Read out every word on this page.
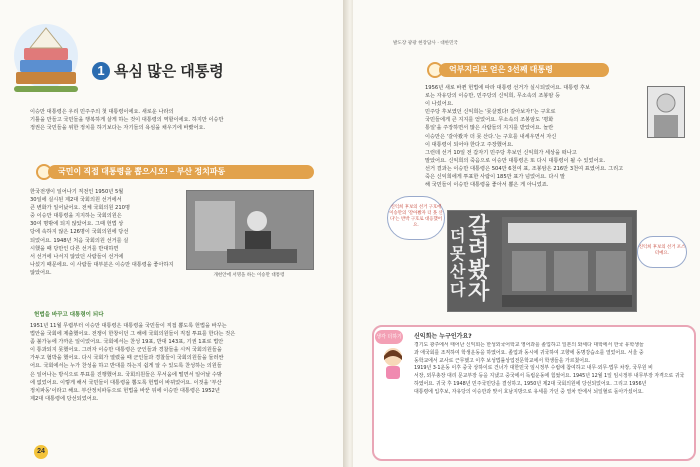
1 욕심 많은 대통령
이승만 대통령은 우리 민주주의 첫 대통령이에요. 새로운 나라의
기틀을 만들고 국민들을 행복하게 살게 하는 것이 대통령의 역할이에요. 하지만 이승만
정권은 국민들을 위한 정치를 하기보다는 자기들의 욕심을 채우기에 바빴어요.
국민이 직접 대통령을 뽑으시오! – 부산 정치파동
한국전쟁이 일어나기 직전인 1950년 5월
30일에 실시된 제2대 국회의원 선거에서
큰 변화가 일어났어요. 전체 국회의원 210명
중 이승만 대통령을 지지하는 국회의원은
30여 명밖에 되지 않았어요. 그때 헌법 상
당에 속하지 않은 126명이 국회의원에 당선
되었어요. 1948년 처음 국회의원 선거를 실
시했을 때 당만인 다른 선거를 반대하면
서 선거에 나서지 않았던 사람들이 선거에
나섰기 때문에요. 이 사람들 대부분은 이승만 대통령을 좋아하지 않았어요.	개헌안에 서명을 하는 이승만 대통령
헌법을 바꾸고 대통령이 되다
1951년 11월 무렵부터 이승만 대통령은 대통령을 국민들이 직접 뽑도록 헌법을 바꾸는
법안을 국회에 제출했어요. 전쟁이 한창이던 그 해에 국회의원들이 직접 투표를 한다는 것은
좀 불가능에 가까운 일이었어요. 국회에서는 찬성 19표, 반대 143표, 기권 1표로 법안
이 통과되지 못했어요. 그러자 이승만 대통령은 군인들과 경찰들을 시켜 국회의원들을
가두고 협박을 했어요. 다시 국회가 열렸을 때 군인들과 경찰들이 국회의원들을 둘러싼
어요. 국회에서는 누가 찬성을 하고 반대를 하는지 쉽게 알 수 있도록 찬성하는 의원들
은 일어나는 방식으로 투표를 진행했어요. 국회의원들은 무서움에 떨면서 일어날 수밖
에 없었어요. 이렇게 해서 국민들이 대통령을 뽑도록 헌법이 바뀌었어요. 이것을 '부산
정치파동'이라고 해요. 부산정치파동으로 헌법을 바꾼 뒤에 이승만 대통령은 1952년
제2대 대통령에 당선되었어요.
24
발도장 광광 현장답사 · 대한민국
억부지리로 얻은 3선째 대통령
1956년 새로 바뀐 헌법에 따라 대통령 선거가 실시되었어요. 대통령 후보
로는 자유당의 이승만, 민주당의 신익희, 무소속의 조봉암 등
이 나섰어요.
민주당 후보였던 신익희는 '못살겠다! 갈아보자!'는 구호로
국민들에게 큰 지지를 얻었어요. 무소속의 조봉암도 '평화
통일'을 주장하면서 많은 사람들의 지지를 받았어요. 놀란
이승만은 '갈아봤자 더 못 산다.'는 구호를 내세우면서 자신
이 대통령이 되어야 한다고 주장했어요.
그런데 선거 10일 전 갑자기 민주당 후보인 신익희가 세상을 떠나고
말았어요. 신익희의 죽음으로 이승만 대통령은 또 다시 대통령이 될 수 있었어요.
선거 결과는 이승만 대통령은 504만 6천여 표, 조봉암은 216만 3천여 표였어요. 그리고
죽은 신익희에게 투표한 사람이 185만 표가 넘었어요. 다시 말
해 국민들이 이승만 대통령을 좋아서 뽑은 게 아니었죠.
신익희 후보의 선거 구호에 이승만의 '갈아봤자 더 못 산다'는 반박 구호로 대응했어요.	갈
려
봤
자
더
못
산
다
신익희 후보의 선거 포스터예요.
생각 더하기 신익희는 누구인가요?
경기도 광주에서 태어난 신익희는 한성외국어학교 영어과를 졸업하고 일본의 와세다 대학에서 한국 유학생들
과 애국회를 조직하여 학생운동을 하였어요. 졸업과 동시에 귀국하여 고향에 동명강습소를 열었어요. 서울 중
동학교에서 교사로 근무했고 이후 보성법률상업전문학교에서 학생들을 가르쳤어요.
1919년 3·1운동 이후 중국 상하이로 건너가 대한민국 임시정부 수립에 참여하고 내무·외무·법무 차장, 국무원 비
서장, 외무총장 대리 문교부장 등을 지냈고 중국에서 독립운동에 힘썼어요. 1945년 12월 1일 임시정부 내무부장 자격으로 귀국
하였어요. 귀국 후 1948년 민주국민당을 결성하고, 1950년 제2대 국회의원에 당선되었어요. 그리고 1956년
대통령에 입후보, 자유당의 이승만과 맞서 호남지방으로 유세를 가던 중 열차 안에서 뇌일혈로 돌아가셨어요.
